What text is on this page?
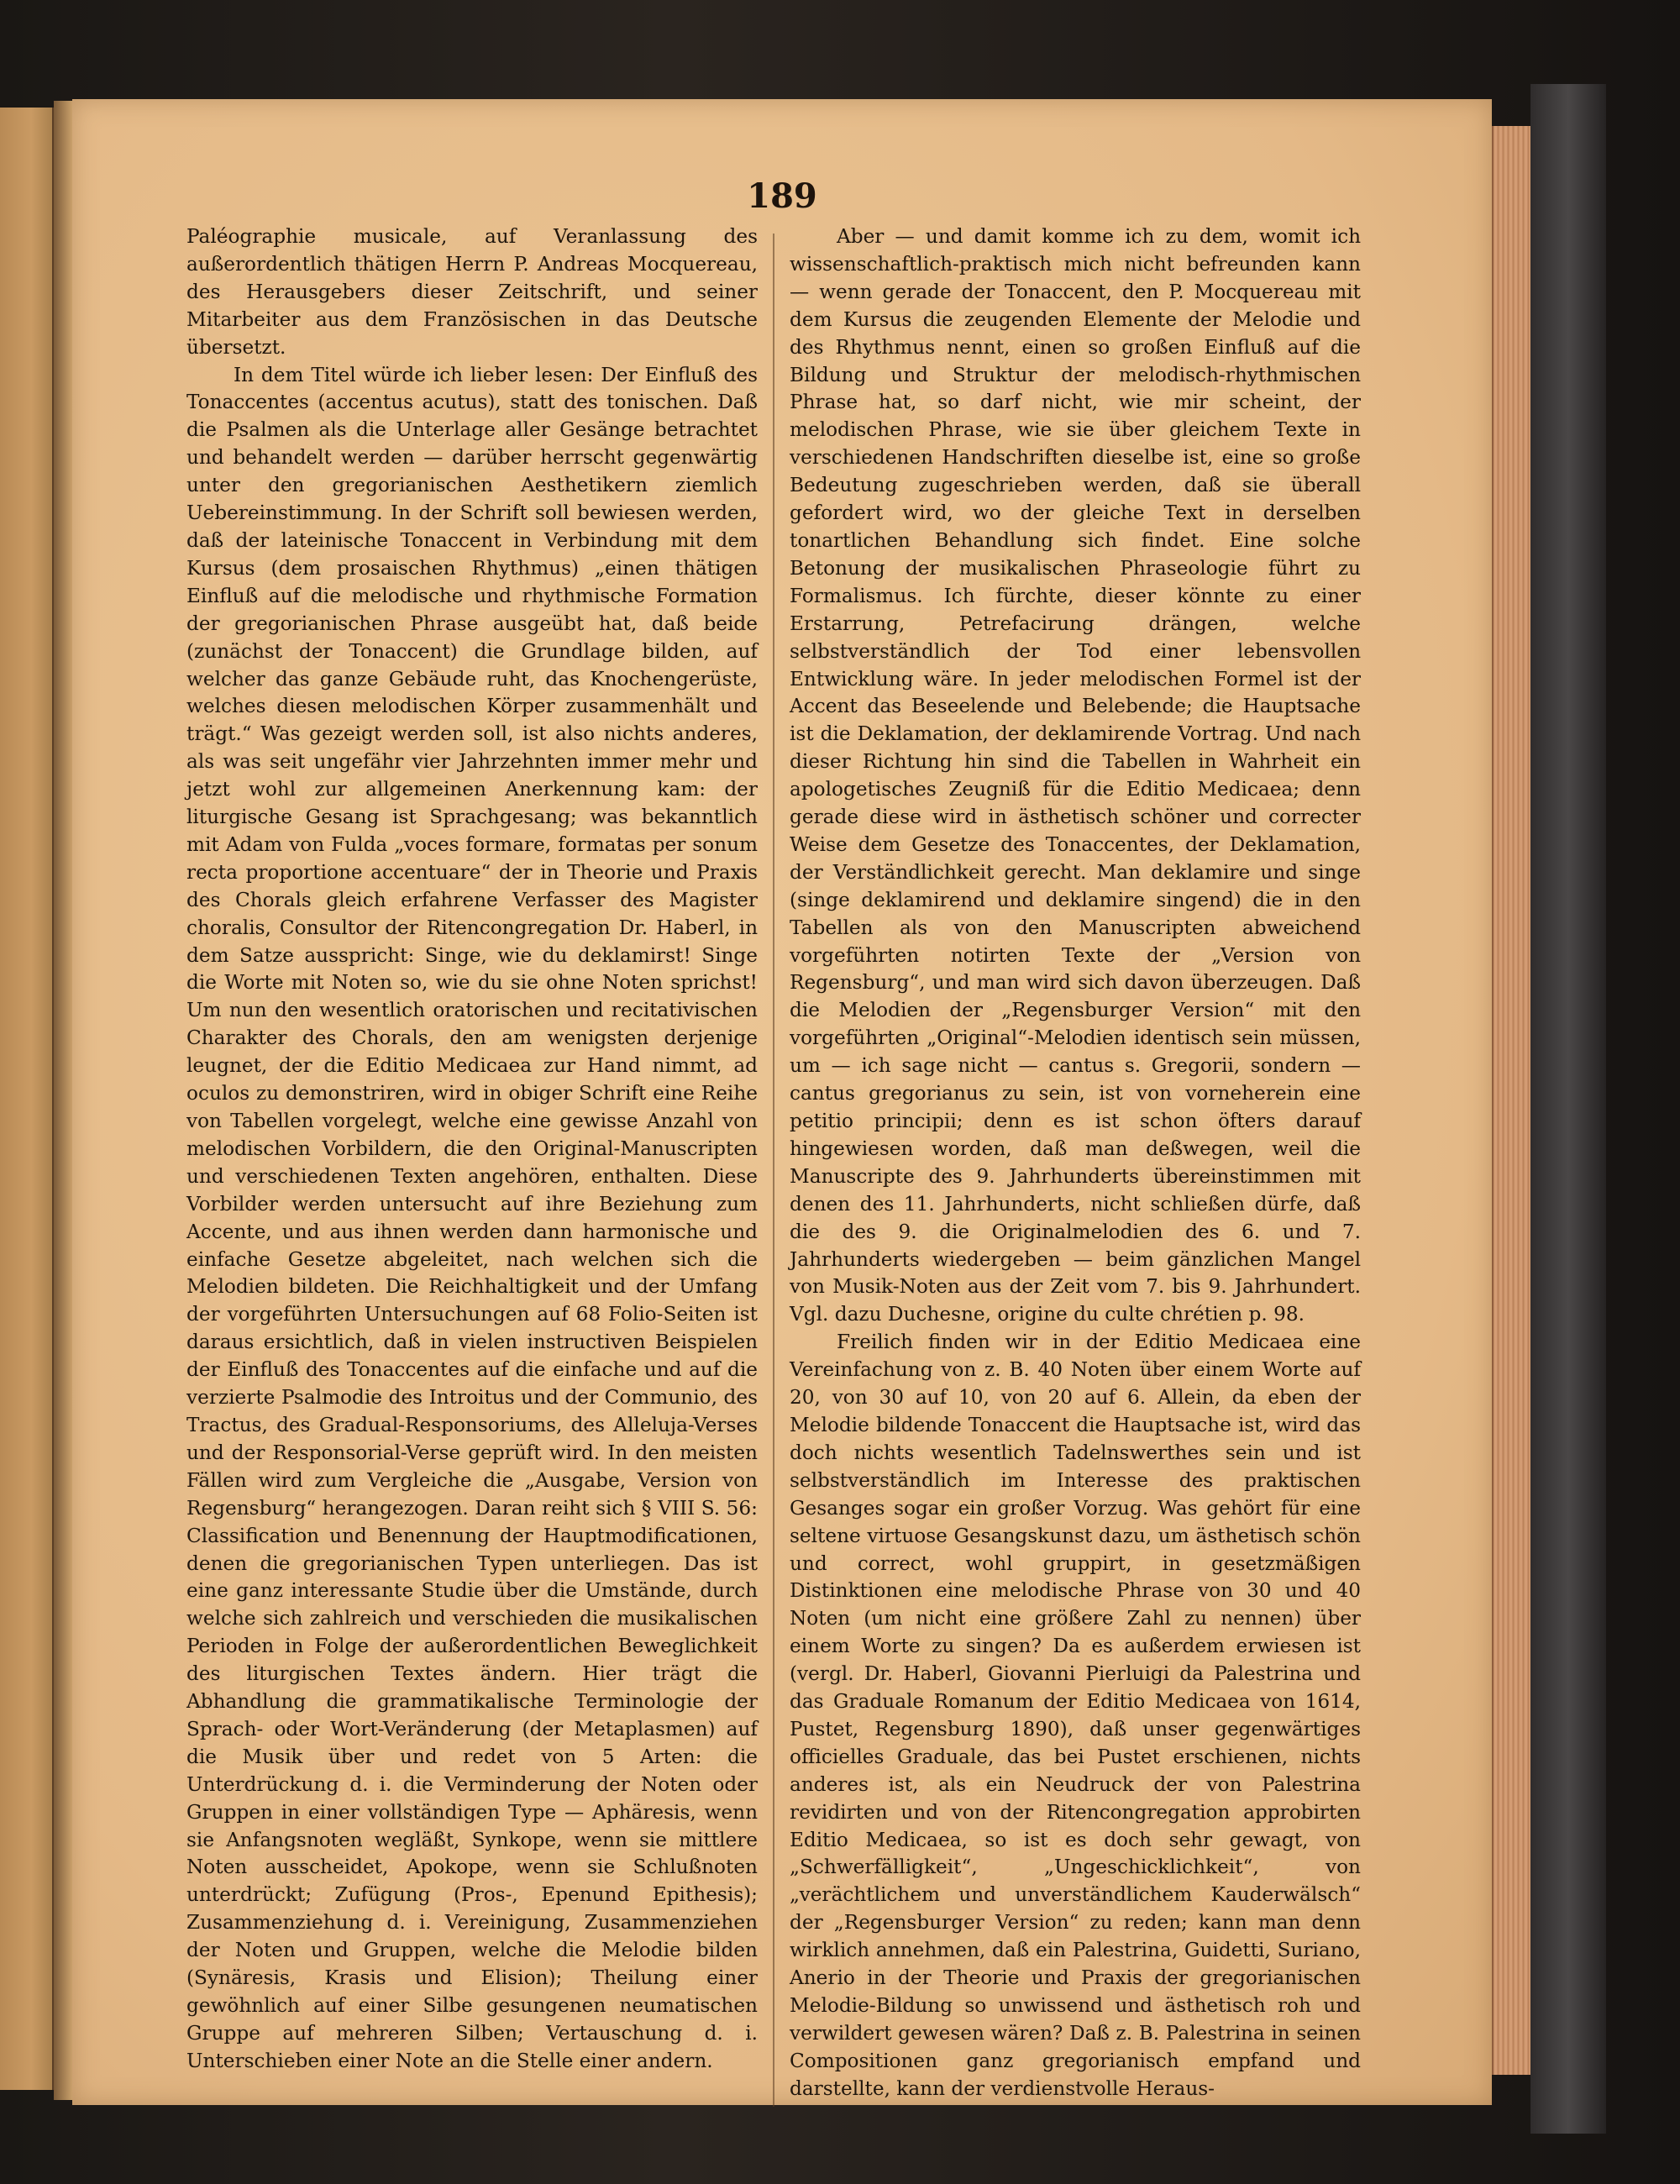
189

Paléographie musicale, auf Veranlassung des außerordentlich thätigen Herrn P. Andreas Mocquereau, des Herausgebers dieser Zeitschrift, und seiner Mitarbeiter aus dem Französischen in das Deutsche übersetzt.

In dem Titel würde ich lieber lesen: Der Einfluß des Tonaccentes (accentus acutus), statt des tonischen. Daß die Psalmen als die Unterlage aller Gesänge betrachtet und behandelt werden — darüber herrscht gegenwärtig unter den gregorianischen Aesthetikern ziemlich Uebereinstimmung. In der Schrift soll bewiesen werden, daß der lateinische Tonaccent in Verbindung mit dem Kursus (dem prosaischen Rhythmus) „einen thätigen Einfluß auf die melodische und rhythmische Formation der gregorianischen Phrase ausgeübt hat, daß beide (zunächst der Tonaccent) die Grundlage bilden, auf welcher das ganze Gebäude ruht, das Knochengerüste, welches diesen melodischen Körper zusammenhält und trägt.“ Was gezeigt werden soll, ist also nichts anderes, als was seit ungefähr vier Jahrzehnten immer mehr und jetzt wohl zur allgemeinen Anerkennung kam: der liturgische Gesang ist Sprachgesang; was bekanntlich mit Adam von Fulda „voces formare, formatas per sonum recta proportione accentuare“ der in Theorie und Praxis des Chorals gleich erfahrene Verfasser des Magister choralis, Consultor der Ritencongregation Dr. Haberl, in dem Satze ausspricht: Singe, wie du deklamirst! Singe die Worte mit Noten so, wie du sie ohne Noten sprichst! Um nun den wesentlich oratorischen und recitativischen Charakter des Chorals, den am wenigsten derjenige leugnet, der die Editio Medicaea zur Hand nimmt, ad oculos zu demonstriren, wird in obiger Schrift eine Reihe von Tabellen vorgelegt, welche eine gewisse Anzahl von melodischen Vorbildern, die den Original-Manuscripten und verschiedenen Texten angehören, enthalten. Diese Vorbilder werden untersucht auf ihre Beziehung zum Accente, und aus ihnen werden dann harmonische und einfache Gesetze abgeleitet, nach welchen sich die Melodien bildeten. Die Reichhaltigkeit und der Umfang der vorgeführten Untersuchungen auf 68 Folio-Seiten ist daraus ersichtlich, daß in vielen instructiven Beispielen der Einfluß des Tonaccentes auf die einfache und auf die verzierte Psalmodie des Introitus und der Communio, des Tractus, des Gradual-Responsoriums, des Alleluja-Verses und der Responsorial-Verse geprüft wird. In den meisten Fällen wird zum Vergleiche die „Ausgabe, Version von Regensburg“ herangezogen. Daran reiht sich § VIII S. 56: Classification und Benennung der Hauptmodificationen, denen die gregorianischen Typen unterliegen. Das ist eine ganz interessante Studie über die Umstände, durch welche sich zahlreich und verschieden die musikalischen Perioden in Folge der außerordentlichen Beweglichkeit des liturgischen Textes ändern. Hier trägt die Abhandlung die grammatikalische Terminologie der Sprach- oder Wort-Veränderung (der Metaplasmen) auf die Musik über und redet von 5 Arten: die Unterdrückung d. i. die Verminderung der Noten oder Gruppen in einer vollständigen Type — Aphäresis, wenn sie Anfangsnoten wegläßt, Synkope, wenn sie mittlere Noten ausscheidet, Apokope, wenn sie Schlußnoten unterdrückt; Zufügung (Pros-, Epenund Epithesis); Zusammenziehung d. i. Vereinigung, Zusammenziehen der Noten und Gruppen, welche die Melodie bilden (Synäresis, Krasis und Elision); Theilung einer gewöhnlich auf einer Silbe gesungenen neumatischen Gruppe auf mehreren Silben; Vertauschung d. i. Unterschieben einer Note an die Stelle einer andern.

Aber — und damit komme ich zu dem, womit ich wissenschaftlich-praktisch mich nicht befreunden kann — wenn gerade der Tonaccent, den P. Mocquereau mit dem Kursus die zeugenden Elemente der Melodie und des Rhythmus nennt, einen so großen Einfluß auf die Bildung und Struktur der melodisch-rhythmischen Phrase hat, so darf nicht, wie mir scheint, der melodischen Phrase, wie sie über gleichem Texte in verschiedenen Handschriften dieselbe ist, eine so große Bedeutung zugeschrieben werden, daß sie überall gefordert wird, wo der gleiche Text in derselben tonartlichen Behandlung sich findet. Eine solche Betonung der musikalischen Phraseologie führt zu Formalismus. Ich fürchte, dieser könnte zu einer Erstarrung, Petrefacirung drängen, welche selbstverständlich der Tod einer lebensvollen Entwicklung wäre. In jeder melodischen Formel ist der Accent das Beseelende und Belebende; die Hauptsache ist die Deklamation, der deklamirende Vortrag. Und nach dieser Richtung hin sind die Tabellen in Wahrheit ein apologetisches Zeugniß für die Editio Medicaea; denn gerade diese wird in ästhetisch schöner und correcter Weise dem Gesetze des Tonaccentes, der Deklamation, der Verständlichkeit gerecht. Man deklamire und singe (singe deklamirend und deklamire singend) die in den Tabellen als von den Manuscripten abweichend vorgeführten notirten Texte der „Version von Regensburg“, und man wird sich davon überzeugen. Daß die Melodien der „Regensburger Version“ mit den vorgeführten „Original“-Melodien identisch sein müssen, um — ich sage nicht — cantus s. Gregorii, sondern — cantus gregorianus zu sein, ist von vorneherein eine petitio principii; denn es ist schon öfters darauf hingewiesen worden, daß man deßwegen, weil die Manuscripte des 9. Jahrhunderts übereinstimmen mit denen des 11. Jahrhunderts, nicht schließen dürfe, daß die des 9. die Originalmelodien des 6. und 7. Jahrhunderts wiedergeben — beim gänzlichen Mangel von Musik-Noten aus der Zeit vom 7. bis 9. Jahrhundert. Vgl. dazu Duchesne, origine du culte chrétien p. 98.

Freilich finden wir in der Editio Medicaea eine Vereinfachung von z. B. 40 Noten über einem Worte auf 20, von 30 auf 10, von 20 auf 6. Allein, da eben der Melodie bildende Tonaccent die Hauptsache ist, wird das doch nichts wesentlich Tadelnswerthes sein und ist selbstverständlich im Interesse des praktischen Gesanges sogar ein großer Vorzug. Was gehört für eine seltene virtuose Gesangskunst dazu, um ästhetisch schön und correct, wohl gruppirt, in gesetzmäßigen Distinktionen eine melodische Phrase von 30 und 40 Noten (um nicht eine größere Zahl zu nennen) über einem Worte zu singen? Da es außerdem erwiesen ist (vergl. Dr. Haberl, Giovanni Pierluigi da Palestrina und das Graduale Romanum der Editio Medicaea von 1614, Pustet, Regensburg 1890), daß unser gegenwärtiges officielles Graduale, das bei Pustet erschienen, nichts anderes ist, als ein Neudruck der von Palestrina revidirten und von der Ritencongregation approbirten Editio Medicaea, so ist es doch sehr gewagt, von „Schwerfälligkeit“, „Ungeschicklichkeit“, von „verächtlichem und unverständlichem Kauderwälsch“ der „Regensburger Version“ zu reden; kann man denn wirklich annehmen, daß ein Palestrina, Guidetti, Suriano, Anerio in der Theorie und Praxis der gregorianischen Melodie-Bildung so unwissend und ästhetisch roh und verwildert gewesen wären? Daß z. B. Palestrina in seinen Compositionen ganz gregorianisch empfand und darstellte, kann der verdienstvolle Heraus-
